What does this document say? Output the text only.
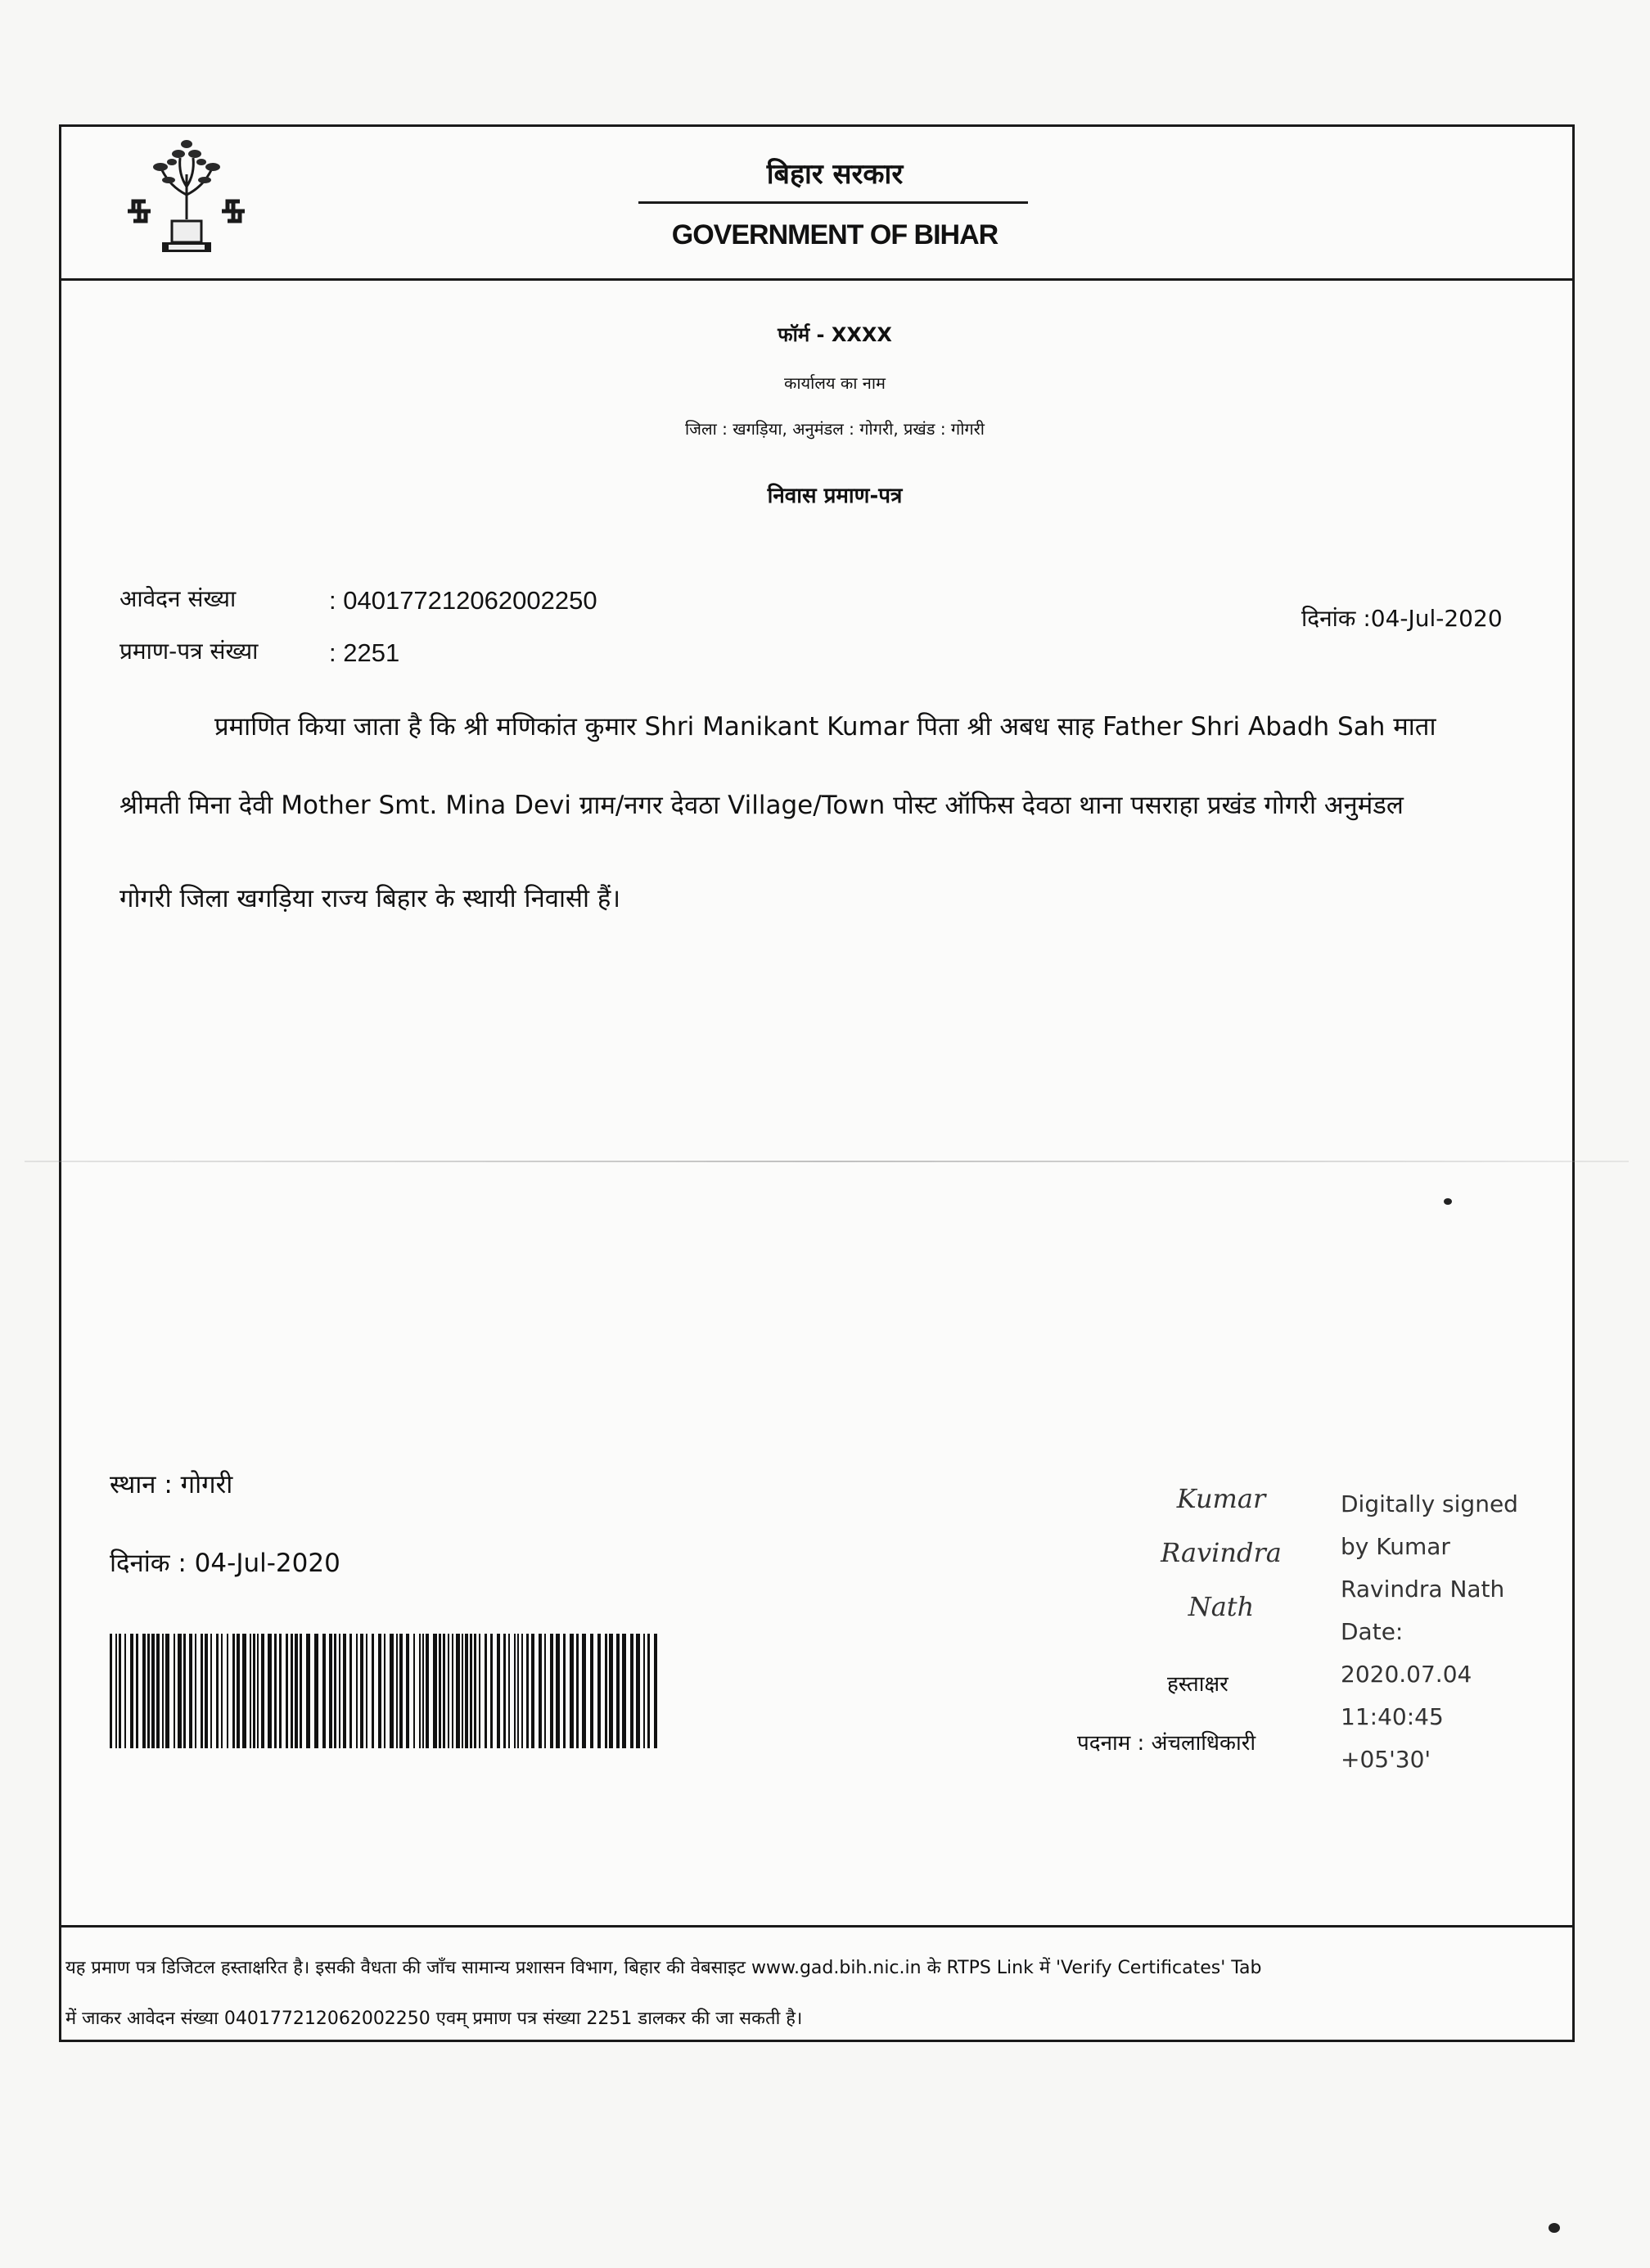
बिहार सरकार
GOVERNMENT OF BIHAR
फॉर्म - XXXX
कार्यालय का नाम
जिला : खगड़िया, अनुमंडल : गोगरी, प्रखंड : गोगरी
निवास प्रमाण-पत्र
आवेदन संख्या	: 040177212062002250
प्रमाण-पत्र संख्या	: 2251
दिनांक :04-Jul-2020
प्रमाणित किया जाता है कि श्री मणिकांत कुमार Shri Manikant Kumar पिता श्री अबध साह Father Shri Abadh Sah माता
श्रीमती मिना देवी Mother Smt. Mina Devi ग्राम/नगर देवठा Village/Town पोस्ट ऑफिस देवठा थाना पसराहा प्रखंड गोगरी अनुमंडल
गोगरी जिला खगड़िया राज्य बिहार के स्थायी निवासी हैं।
स्थान : गोगरी
दिनांक : 04-Jul-2020
Kumar
Ravindra
Nath
हस्ताक्षर
पदनाम : अंचलाधिकारी
Digitally signed
by Kumar
Ravindra Nath
Date:
2020.07.04
11:40:45
+05'30'
यह प्रमाण पत्र डिजिटल हस्ताक्षरित है। इसकी वैधता की जाँच सामान्य प्रशासन विभाग, बिहार की वेबसाइट www.gad.bih.nic.in के RTPS Link में 'Verify Certificates' Tab
में जाकर आवेदन संख्या 040177212062002250 एवम् प्रमाण पत्र संख्या 2251 डालकर की जा सकती है।
